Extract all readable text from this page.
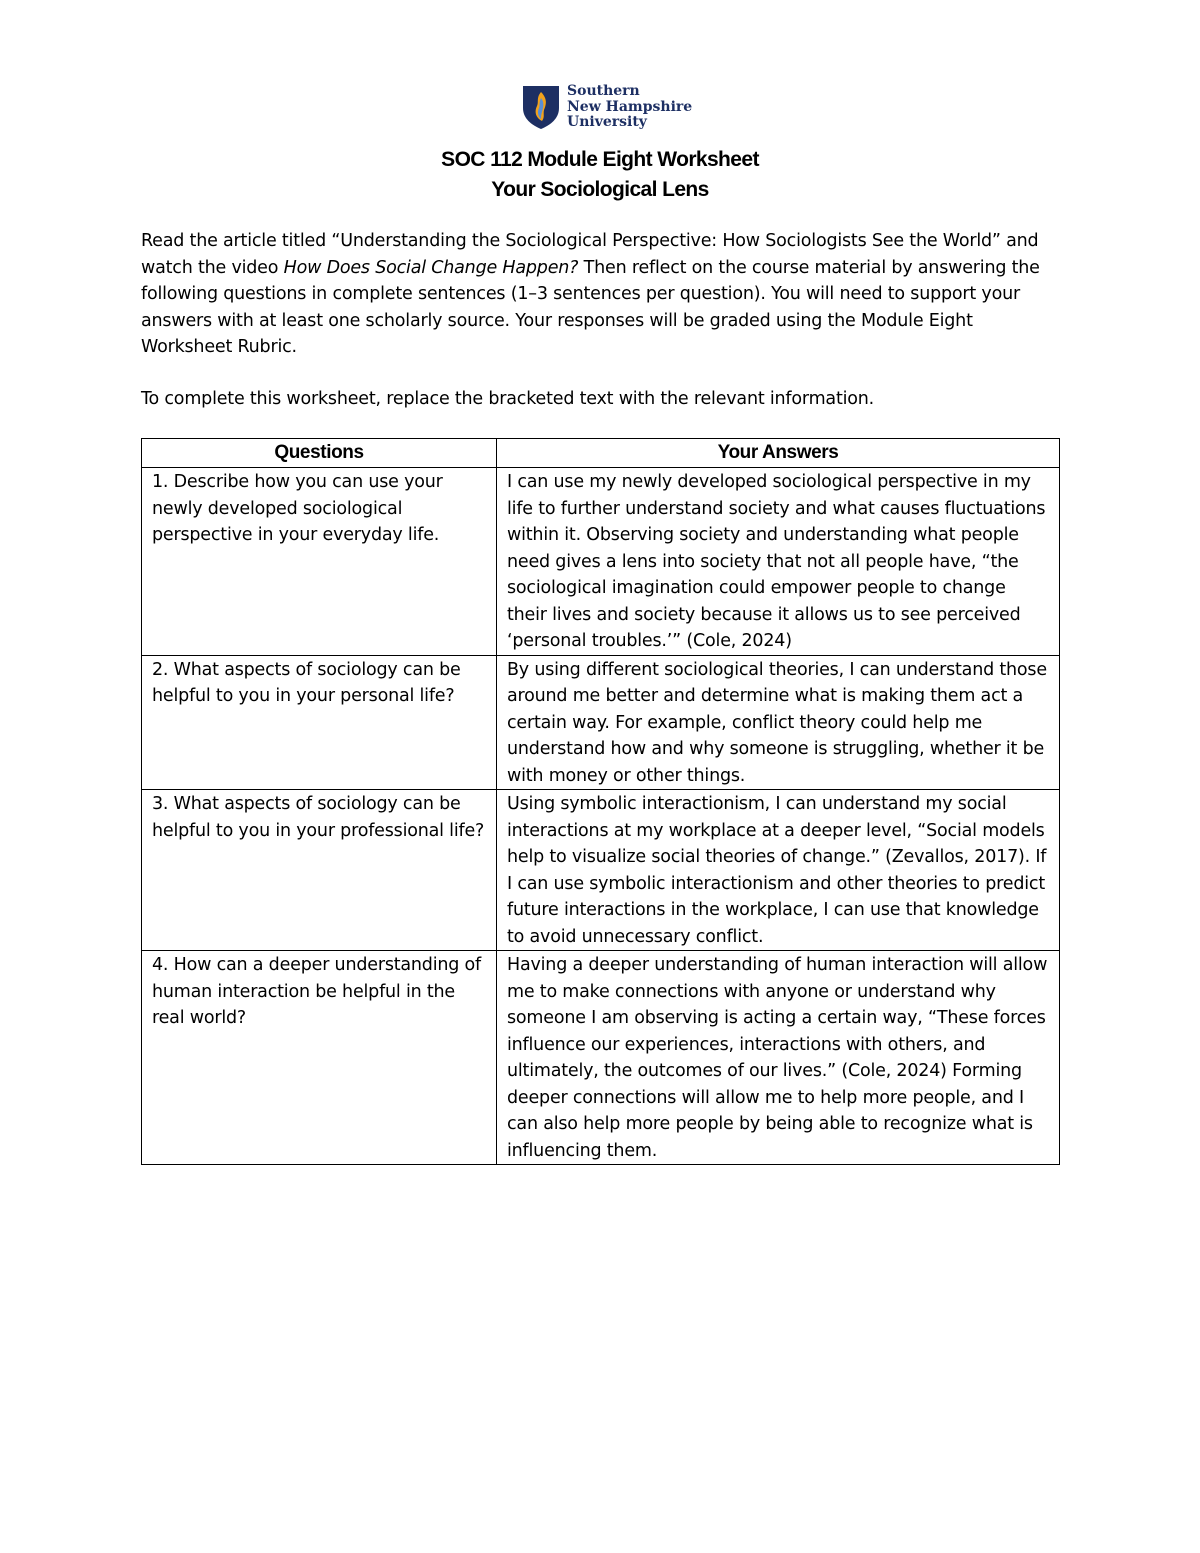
Southern
New Hampshire
University
SOC 112 Module Eight Worksheet
Your Sociological Lens

Read the article titled “Understanding the Sociological Perspective: How Sociologists See the World” and watch the video How Does Social Change Happen? Then reflect on the course material by answering the following questions in complete sentences (1–3 sentences per question). You will need to support your answers with at least one scholarly source. Your responses will be graded using the Module Eight Worksheet Rubric.

To complete this worksheet, replace the bracketed text with the relevant information.

Questions	Your Answers
1. Describe how you can use your newly developed sociological perspective in your everyday life.	I can use my newly developed sociological perspective in my life to further understand society and what causes fluctuations within it. Observing society and understanding what people need gives a lens into society that not all people have, “the sociological imagination could empower people to change their lives and society because it allows us to see perceived ‘personal troubles.’” (Cole, 2024)
2. What aspects of sociology can be helpful to you in your personal life?	By using different sociological theories, I can understand those around me better and determine what is making them act a certain way. For example, conflict theory could help me understand how and why someone is struggling, whether it be with money or other things.
3. What aspects of sociology can be helpful to you in your professional life?	Using symbolic interactionism, I can understand my social interactions at my workplace at a deeper level, “Social models help to visualize social theories of change.” (Zevallos, 2017). If I can use symbolic interactionism and other theories to predict future interactions in the workplace, I can use that knowledge to avoid unnecessary conflict.
4. How can a deeper understanding of human interaction be helpful in the real world?	Having a deeper understanding of human interaction will allow me to make connections with anyone or understand why someone I am observing is acting a certain way, “These forces influence our experiences, interactions with others, and ultimately, the outcomes of our lives.” (Cole, 2024) Forming deeper connections will allow me to help more people, and I can also help more people by being able to recognize what is influencing them.
